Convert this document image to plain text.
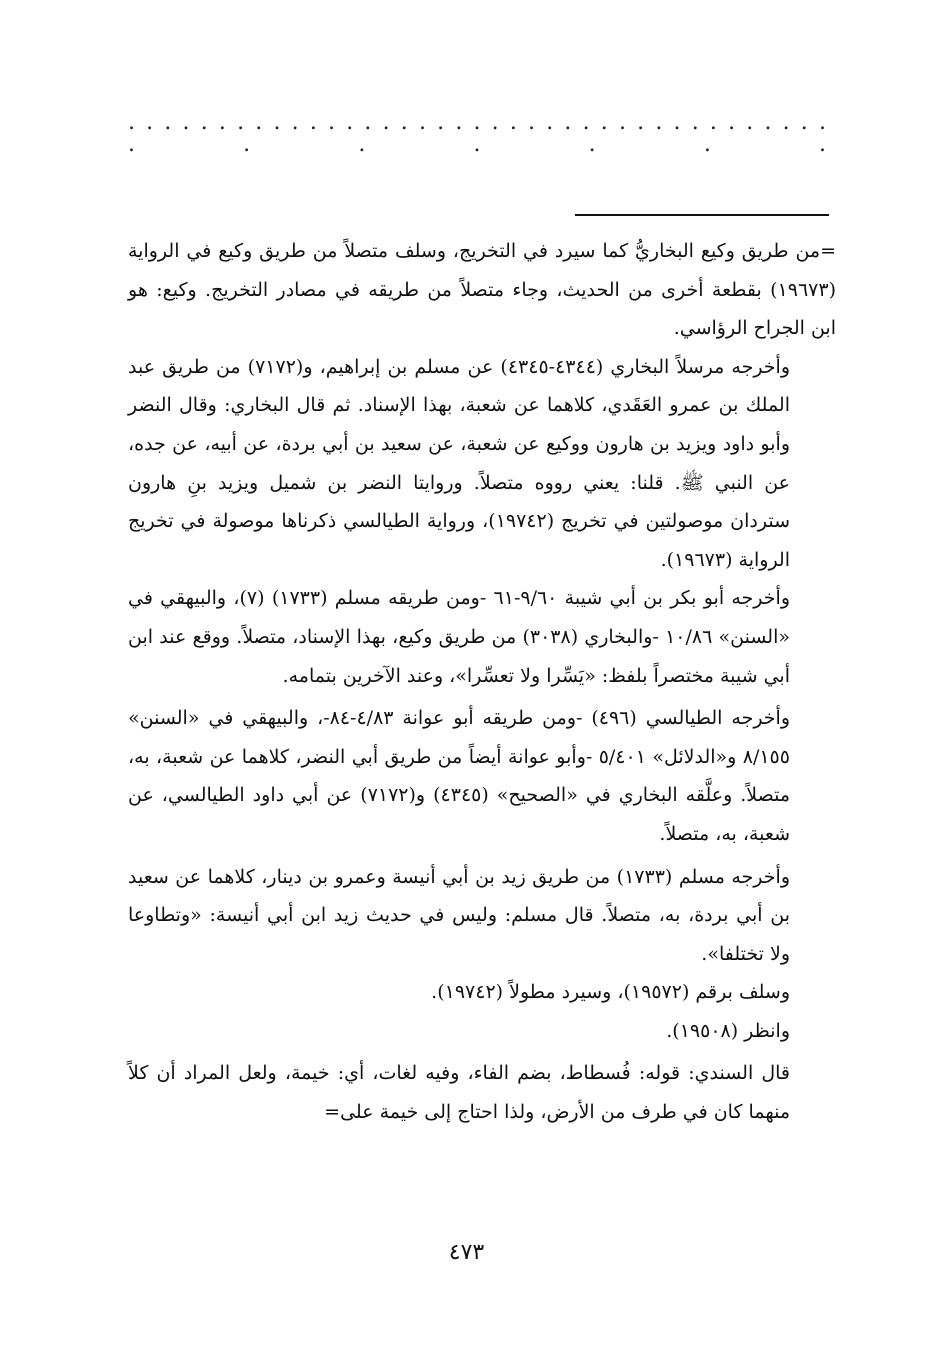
. . . . . . . . . . . . . . . . . . . . . . . . . . . . . . . . . . . . . . . . . . . . . .

=من طريق وكيع البخاريُّ كما سيرد في التخريج، وسلف متصلاً من طريق وكيع في الرواية (١٩٦٧٣) بقطعة أخرى من الحديث، وجاء متصلاً من طريقه في مصادر التخريج. وكيع: هو ابن الجراح الرؤاسي.

وأخرجه مرسلاً البخاري (٤٣٤٤-٤٣٤٥) عن مسلم بن إبراهيم، و(٧١٧٢) من طريق عبد الملك بن عمرو العَقَدي، كلاهما عن شعبة، بهذا الإسناد. ثم قال البخاري: وقال النضر وأبو داود ويزيد بن هارون ووكيع عن شعبة، عن سعيد بن أبي بردة، عن أبيه، عن جده، عن النبي ﷺ. قلنا: يعني رووه متصلاً. وروايتا النضر بن شميل ويزيد بنِ هارون ستردان موصولتين في تخريج (١٩٧٤٢)، ورواية الطيالسي ذكرناها موصولة في تخريج الرواية (١٩٦٧٣).

وأخرجه أبو بكر بن أبي شيبة ٩/٦٠-٦١ -ومن طريقه مسلم (١٧٣٣) (٧)، والبيهقي في «السنن» ١٠/٨٦ -والبخاري (٣٠٣٨) من طريق وكيع، بهذا الإسناد، متصلاً. ووقع عند ابن أبي شيبة مختصراً بلفظ: «يَسِّرا ولا تعسِّرا»، وعند الآخرين بتمامه.

وأخرجه الطيالسي (٤٩٦) -ومن طريقه أبو عوانة ٤/٨٣-٨٤-، والبيهقي في «السنن» ٨/١٥٥ و«الدلائل» ٥/٤٠١ -وأبو عوانة أيضاً من طريق أبي النضر، كلاهما عن شعبة، به، متصلاً. وعلَّقه البخاري في «الصحيح» (٤٣٤٥) و(٧١٧٢) عن أبي داود الطيالسي، عن شعبة، به، متصلاً.

وأخرجه مسلم (١٧٣٣) من طريق زيد بن أبي أنيسة وعمرو بن دينار، كلاهما عن سعيد بن أبي بردة، به، متصلاً. قال مسلم: وليس في حديث زيد ابن أبي أنيسة: «وتطاوعا ولا تختلفا».

وسلف برقم (١٩٥٧٢)، وسيرد مطولاً (١٩٧٤٢).

وانظر (١٩٥٠٨).

قال السندي: قوله: فُسطاط، بضم الفاء، وفيه لغات، أي: خيمة، ولعل المراد أن كلاً منهما كان في طرف من الأرض، ولذا احتاج إلى خيمة على=

٤٧٣
